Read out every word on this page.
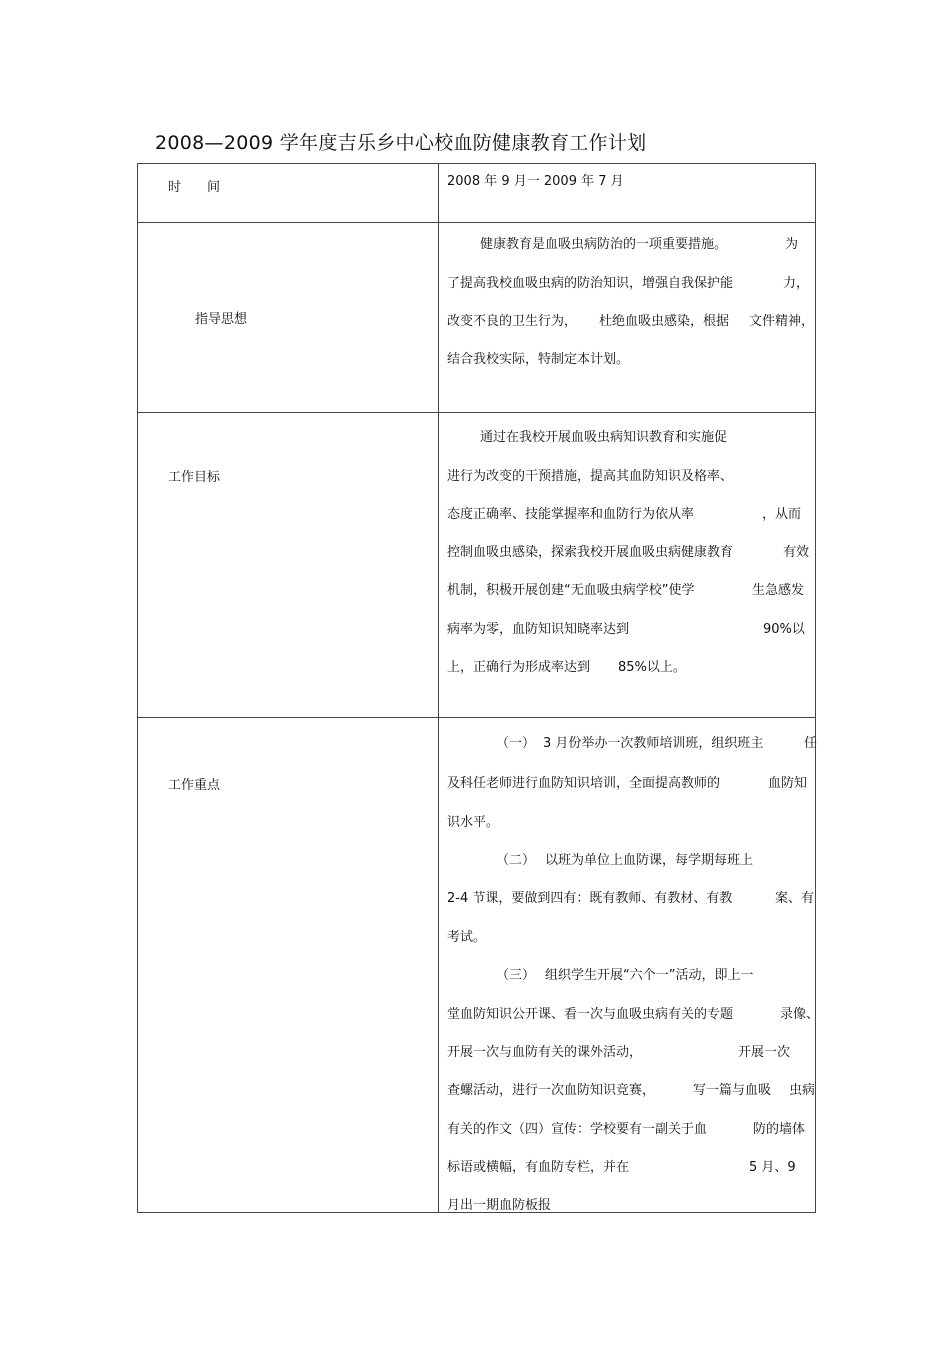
2008—2009 学年度吉乐乡中心校血防健康教育工作计划
时　　间	2008 年 9 月一 2009 年 7 月
指导思想
健康教育是血吸虫病防治的一项重要措施。	为
了提高我校血吸虫病的防治知识，增强自我保护能	力，
改变不良的卫生行为， 杜绝血吸虫感染，根据 文件精神，
结合我校实际，特制定本计划。
工作目标
通过在我校开展血吸虫病知识教育和实施促
进行为改变的干预措施，提高其血防知识及格率、
态度正确率、技能掌握率和血防行为依从率	，从而
控制血吸虫感染，探索我校开展血吸虫病健康教育	有效
机制，积极开展创建“无血吸虫病学校”使学	生急感发
病率为零，血防知识知晓率达到	90%以
上，正确行为形成率达到 85%以上。
工作重点
（一） 3 月份举办一次教师培训班，组织班主	任
及科任老师进行血防知识培训，全面提高教师的	血防知
识水平。
（二） 以班为单位上血防课，每学期每班上
2-4 节课，要做到四有：既有教师、有教材、有教	案、有
考试。
（三） 组织学生开展“六个一”活动，即上一
堂血防知识公开课、看一次与血吸虫病有关的专题	录像、
开展一次与血防有关的课外活动，	开展一次
查螺活动，进行一次血防知识竞赛，	写一篇与血吸 虫病
有关的作文（四）宣传：学校要有一副关于血	防的墙体
标语或横幅，有血防专栏，并在	5 月、9
月出一期血防板报
